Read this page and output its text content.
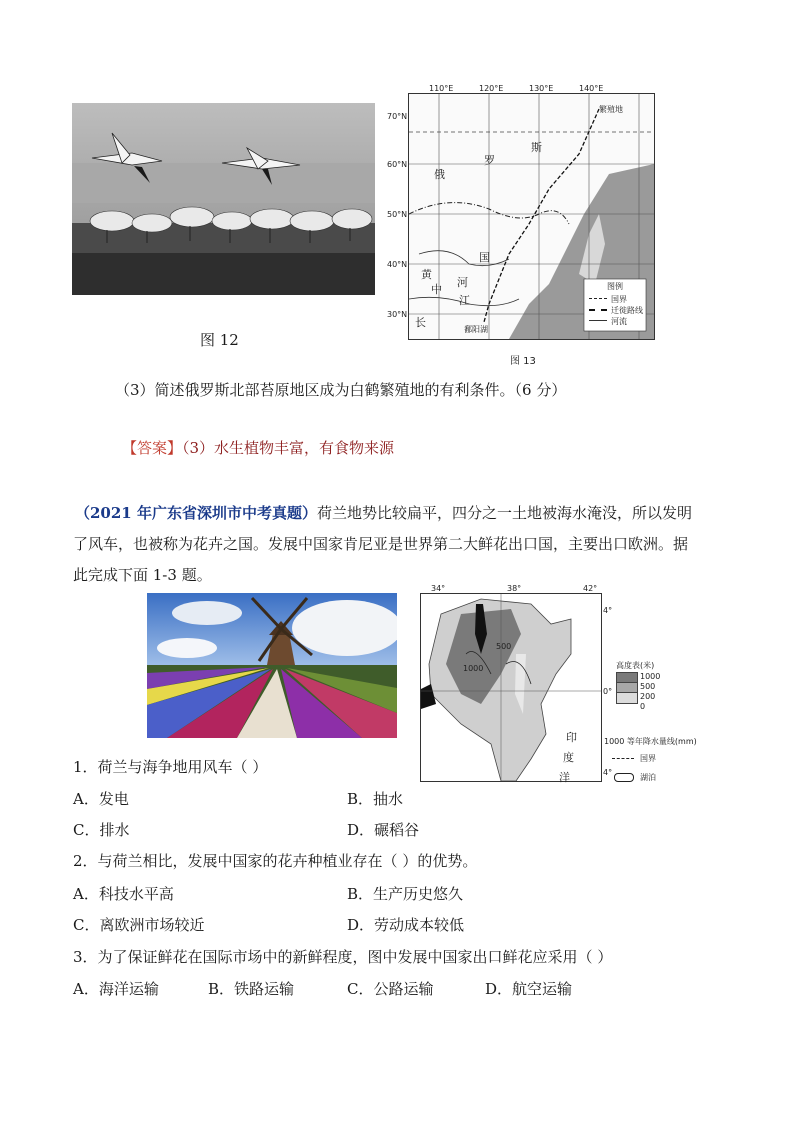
图 12
110°E	120°E	130°E	140°E
70°N
60°N
50°N
40°N
30°N
俄
罗
斯
国
中
江
长
黄
河
繁殖地
鄱阳湖
图例
国界
迁徙路线
河流
图 13
（3）简述俄罗斯北部苔原地区成为白鹤繁殖地的有利条件。（6 分）
【答案】（3）水生植物丰富，有食物来源
（2021 年广东省深圳市中考真题）荷兰地势比较扁平，四分之一土地被海水淹没，所以发明
了风车，也被称为花卉之国。发展中国家肯尼亚是世界第二大鲜花出口国，主要出口欧洲。据
此完成下面 1-3 题。
34°	38°	42°
4°
0°
4°
500
1000
印
度
洋
高度表(米)
1000
500
200
0
1000 等年降水量线(mm)
国界
湖泊
1．荷兰与海争地用风车（ ）
A．发电	B．抽水
C．排水	D．碾稻谷
2．与荷兰相比，发展中国家的花卉种植业存在（ ）的优势。
A．科技水平高	B．生产历史悠久
C．离欧洲市场较近	D．劳动成本较低
3．为了保证鲜花在国际市场中的新鲜程度，图中发展中国家出口鲜花应采用（ ）
A．海洋运输	B．铁路运输	C．公路运输	D．航空运输
